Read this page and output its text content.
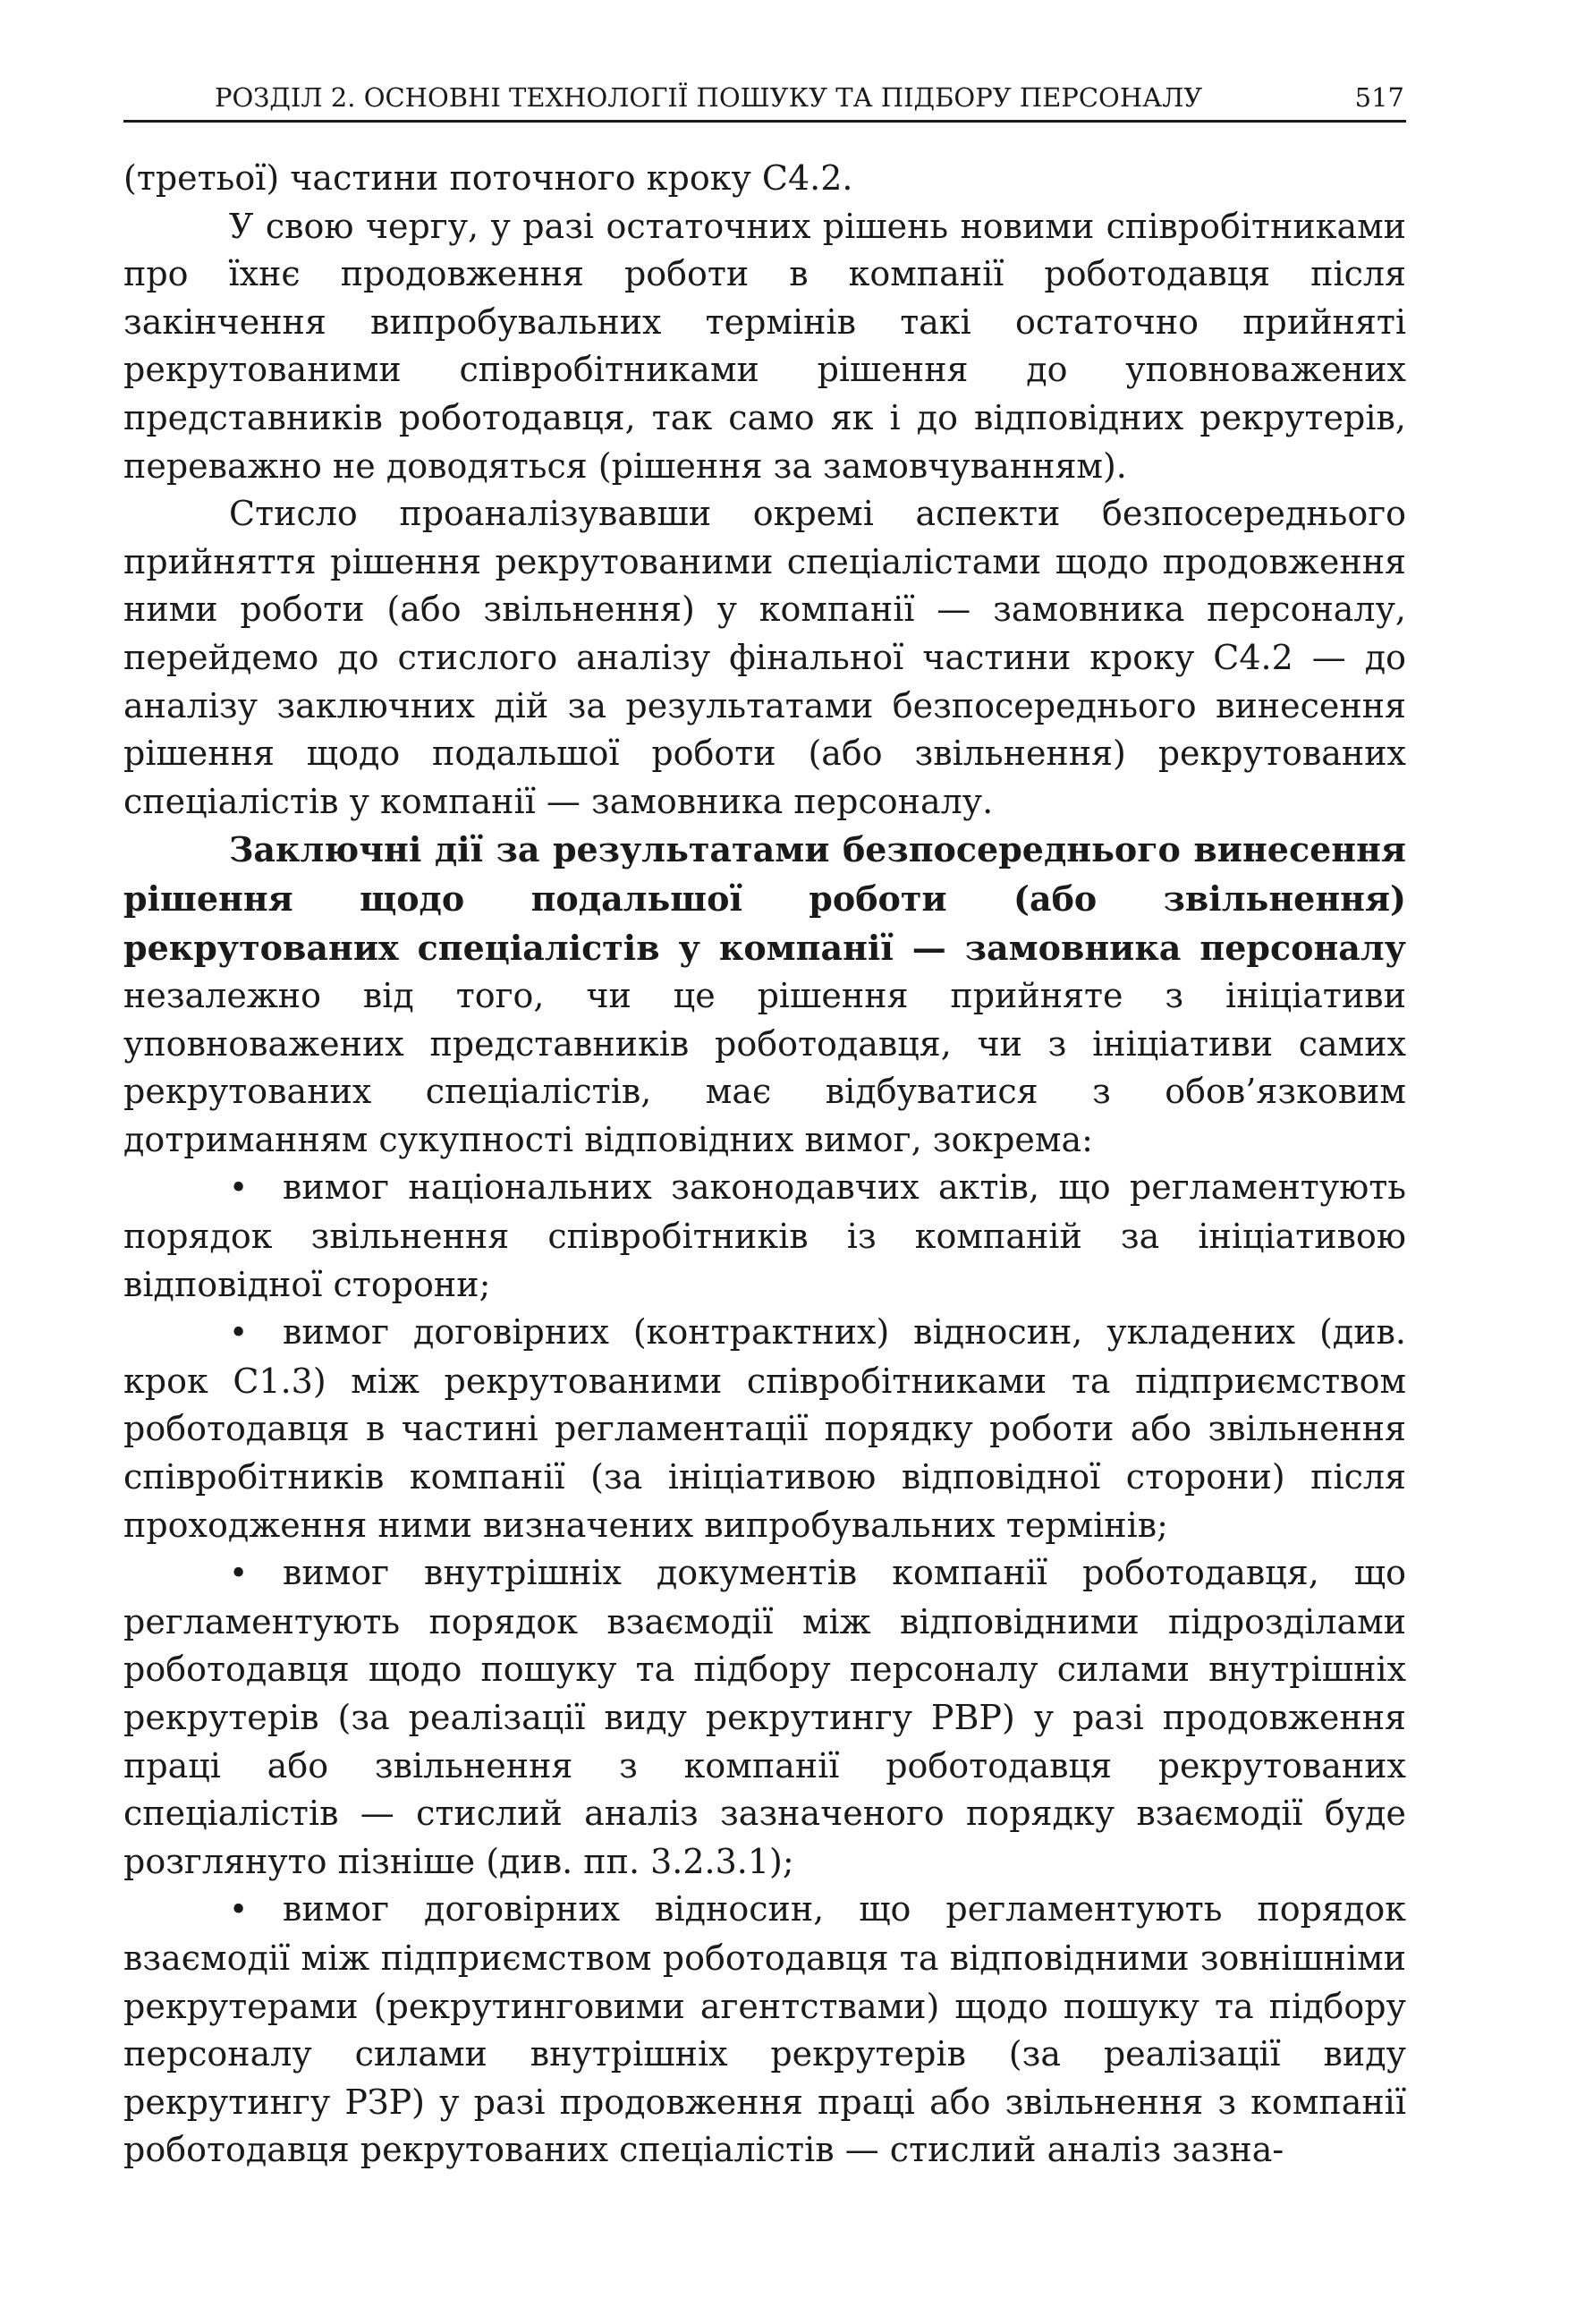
РОЗДІЛ 2. ОСНОВНІ ТЕХНОЛОГІЇ ПОШУКУ ТА ПІДБОРУ ПЕРСОНАЛУ	517

(третьої) частини поточного кроку С4.2.

У свою чергу, у разі остаточних рішень новими співробітниками про їхнє продовження роботи в компанії роботодавця після закінчення випробувальних термінів такі остаточно прийняті рекрутованими співробітниками рішення до уповноважених представників роботодавця, так само як і до відповідних рекрутерів, переважно не доводяться (рішення за замовчуванням).

Стисло проаналізувавши окремі аспекти безпосереднього прийняття рішення рекрутованими спеціалістами щодо продовження ними роботи (або звільнення) у компанії — замовника персоналу, перейдемо до стислого аналізу фінальної частини кроку С4.2 — до аналізу заключних дій за результатами безпосереднього винесення рішення щодо подальшої роботи (або звільнення) рекрутованих спеціалістів у компанії — замовника персоналу.

Заключні дії за результатами безпосереднього винесення рішення щодо подальшої роботи (або звільнення) рекрутованих спеціалістів у компанії — замовника персоналу незалежно від того, чи це рішення прийняте з ініціативи уповноважених представників роботодавця, чи з ініціативи самих рекрутованих спеціалістів, має відбуватися з обов’язковим дотриманням сукупності відповідних вимог, зокрема:

• вимог національних законодавчих актів, що регламентують порядок звільнення співробітників із компаній за ініціативою відповідної сторони;

• вимог договірних (контрактних) відносин, укладених (див. крок С1.3) між рекрутованими співробітниками та підприємством роботодавця в частині регламентації порядку роботи або звільнення співробітників компанії (за ініціативою відповідної сторони) після проходження ними визначених випробувальних термінів;

• вимог внутрішніх документів компанії роботодавця, що регламентують порядок взаємодії між відповідними підрозділами роботодавця щодо пошуку та підбору персоналу силами внутрішніх рекрутерів (за реалізації виду рекрутингу РВР) у разі продовження праці або звільнення з компанії роботодавця рекрутованих спеціалістів — стислий аналіз зазначеного порядку взаємодії буде розглянуто пізніше (див. пп. 3.2.3.1);

• вимог договірних відносин, що регламентують порядок взаємодії між підприємством роботодавця та відповідними зовнішніми рекрутерами (рекрутинговими агентствами) щодо пошуку та підбору персоналу силами внутрішніх рекрутерів (за реалізації виду рекрутингу РЗР) у разі продовження праці або звільнення з компанії роботодавця рекрутованих спеціалістів — стислий аналіз зазна-
